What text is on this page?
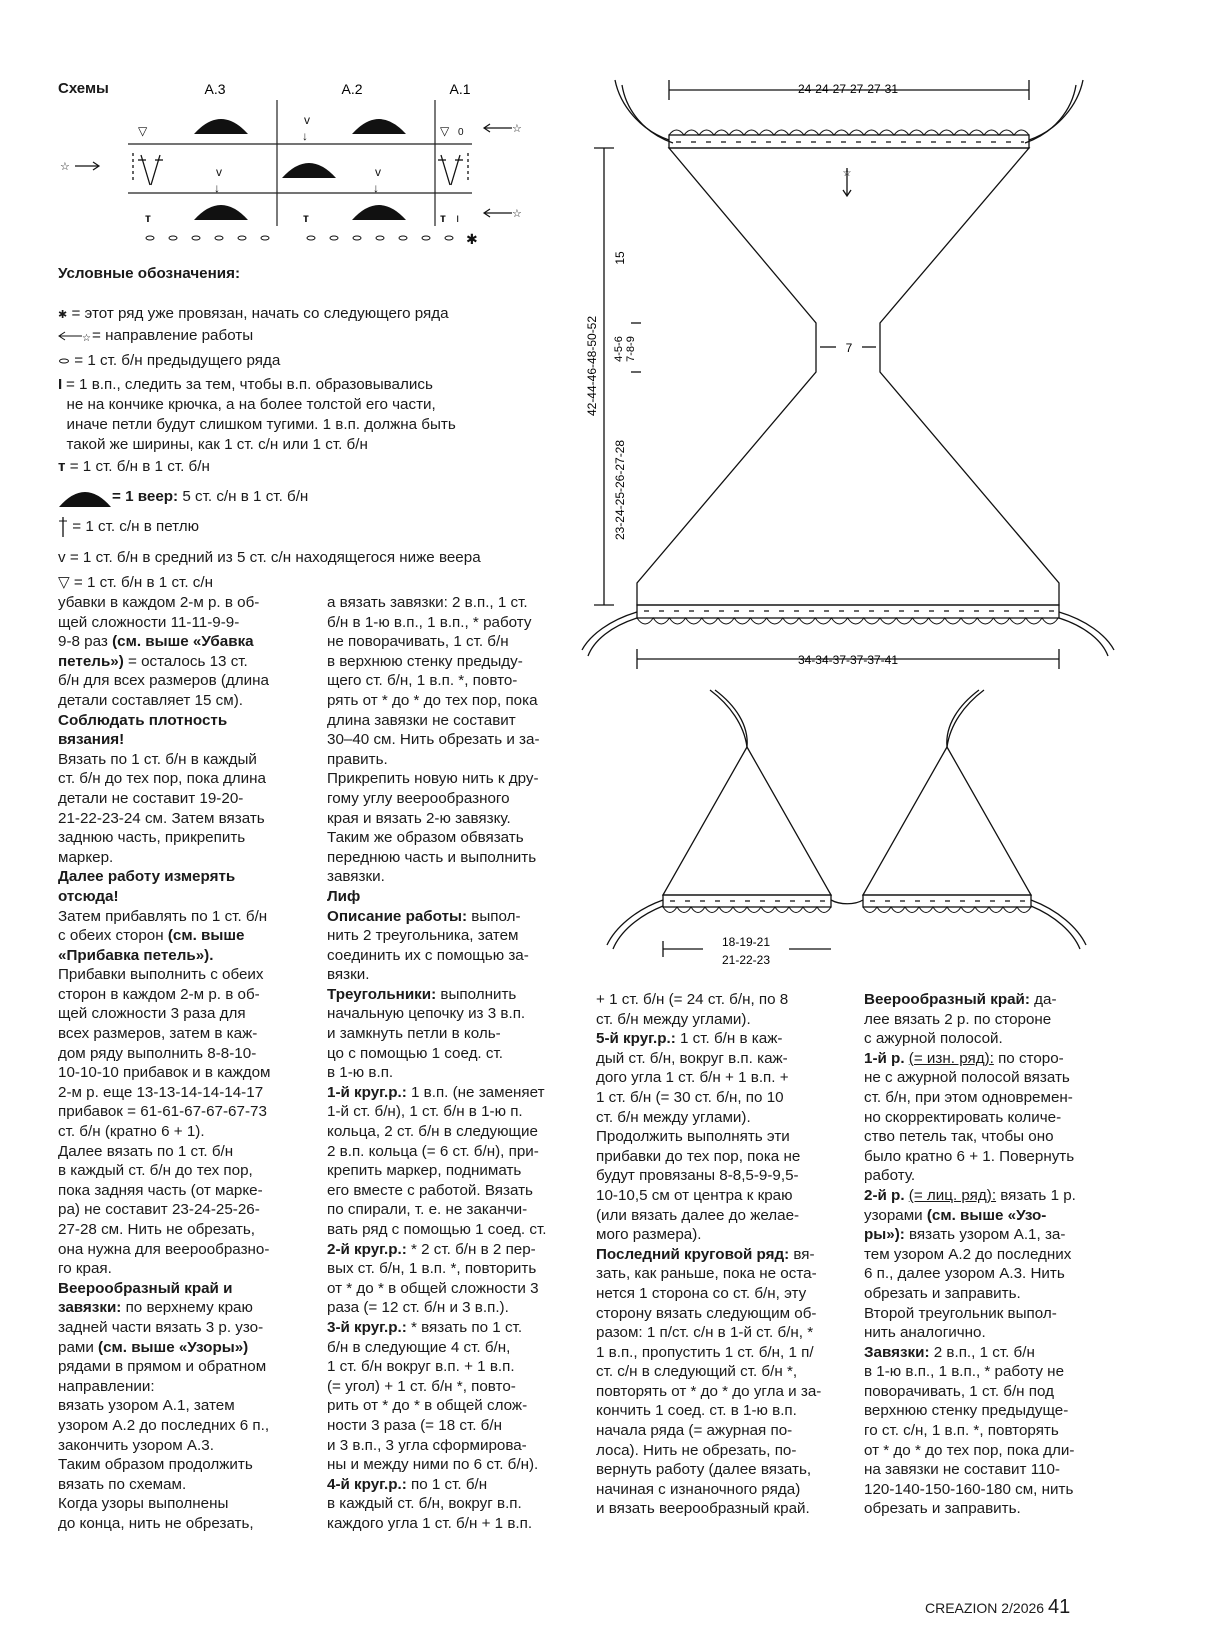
Схемы	A.3	A.2	A.1
▽
v
↓	▽ 0
v
↓
v
↓
т	т	т ı
☆
☆
☆
✱
Условные обозначения:

✱ = этот ряд уже провязан, начать со следующего ряда

☆ = направление работы

= 1 ст. б/н предыдущего ряда

I = 1 в.п., следить за тем, чтобы в.п. образовывались
не на кончике крючка, а на более толстой его части,
иначе петли будут слишком тугими. 1 в.п. должна быть
такой же ширины, как 1 ст. с/н или 1 ст. б/н

т = 1 ст. б/н в 1 ст. б/н

= 1 веер: 5 ст. с/н в 1 ст. б/н

= 1 ст. с/н в петлю

v = 1 ст. б/н в средний из 5 ст. с/н находящегося ниже веера

▽ = 1 ст. б/н в 1 ст. с/н

☆
24-24-27-27-27-31
34-34-37-37-37-41
7
42-44-46-48-50-52
15
4-5-6 7-8-9
23-24-25-26-27-28
18-19-21
21-22-23

убавки в каждом 2-м р. в об-
щей сложности 11-11-9-9-
9-8 раз (см. выше «Убавка
петель») = осталось 13 ст.
б/н для всех размеров (длина
детали составляет 15 см).
Соблюдать плотность
вязания!
Вязать по 1 ст. б/н в каждый
ст. б/н до тех пор, пока длина
детали не составит 19-20-
21-22-23-24 см. Затем вязать
заднюю часть, прикрепить
маркер.
Далее работу измерять
отсюда!
Затем прибавлять по 1 ст. б/н
с обеих сторон (см. выше
«Прибавка петель»).
Прибавки выполнить с обеих
сторон в каждом 2-м р. в об-
щей сложности 3 раза для
всех размеров, затем в каж-
дом ряду выполнить 8-8-10-
10-10-10 прибавок и в каждом
2-м р. еще 13-13-14-14-14-17
прибавок = 61-61-67-67-67-73
ст. б/н (кратно 6 + 1).
Далее вязать по 1 ст. б/н
в каждый ст. б/н до тех пор,
пока задняя часть (от марке-
ра) не составит 23-24-25-26-
27-28 см. Нить не обрезать,
она нужна для веерообразно-
го края.
Веерообразный край и
завязки: по верхнему краю
задней части вязать 3 р. узо-
рами (см. выше «Узоры»)
рядами в прямом и обратном
направлении:
вязать узором А.1, затем
узором А.2 до последних 6 п.,
закончить узором А.3.
Таким образом продолжить
вязать по схемам.
Когда узоры выполнены
до конца, нить не обрезать,

а вязать завязки: 2 в.п., 1 ст.
б/н в 1-ю в.п., 1 в.п., * работу
не поворачивать, 1 ст. б/н
в верхнюю стенку предыду-
щего ст. б/н, 1 в.п. *, повто-
рять от * до * до тех пор, пока
длина завязки не составит
30–40 см. Нить обрезать и за-
править.
Прикрепить новую нить к дру-
гому углу веерообразного
края и вязать 2-ю завязку.
Таким же образом обвязать
переднюю часть и выполнить
завязки.
Лиф
Описание работы: выпол-
нить 2 треугольника, затем
соединить их с помощью за-
вязки.
Треугольники: выполнить
начальную цепочку из 3 в.п.
и замкнуть петли в коль-
цо с помощью 1 соед. ст.
в 1-ю в.п.
1-й круг.р.: 1 в.п. (не заменяет
1-й ст. б/н), 1 ст. б/н в 1-ю п.
кольца, 2 ст. б/н в следующие
2 в.п. кольца (= 6 ст. б/н), при-
крепить маркер, поднимать
его вместе с работой. Вязать
по спирали, т. е. не заканчи-
вать ряд с помощью 1 соед. ст.
2-й круг.р.: * 2 ст. б/н в 2 пер-
вых ст. б/н, 1 в.п. *, повторить
от * до * в общей сложности 3
раза (= 12 ст. б/н и 3 в.п.).
3-й круг.р.: * вязать по 1 ст.
б/н в следующие 4 ст. б/н,
1 ст. б/н вокруг в.п. + 1 в.п.
(= угол) + 1 ст. б/н *, повто-
рить от * до * в общей слож-
ности 3 раза (= 18 ст. б/н
и 3 в.п., 3 угла сформирова-
ны и между ними по 6 ст. б/н).
4-й круг.р.: по 1 ст. б/н
в каждый ст. б/н, вокруг в.п.
каждого угла 1 ст. б/н + 1 в.п.

+ 1 ст. б/н (= 24 ст. б/н, по 8
ст. б/н между углами).
5-й круг.р.: 1 ст. б/н в каж-
дый ст. б/н, вокруг в.п. каж-
дого угла 1 ст. б/н + 1 в.п. +
1 ст. б/н (= 30 ст. б/н, по 10
ст. б/н между углами).
Продолжить выполнять эти
прибавки до тех пор, пока не
будут провязаны 8-8,5-9-9,5-
10-10,5 см от центра к краю
(или вязать далее до желае-
мого размера).
Последний круговой ряд: вя-
зать, как раньше, пока не оста-
нется 1 сторона со ст. б/н, эту
сторону вязать следующим об-
разом: 1 п/ст. с/н в 1-й ст. б/н, *
1 в.п., пропустить 1 ст. б/н, 1 п/
ст. с/н в следующий ст. б/н *,
повторять от * до * до угла и за-
кончить 1 соед. ст. в 1-ю в.п.
начала ряда (= ажурная по-
лоса). Нить не обрезать, по-
вернуть работу (далее вязать,
начиная с изнаночного ряда)
и вязать веерообразный край.

Веерообразный край: да-
лее вязать 2 р. по стороне
с ажурной полосой.
1-й р. (= изн. ряд): по сторо-
не с ажурной полосой вязать
ст. б/н, при этом одновремен-
но скорректировать количе-
ство петель так, чтобы оно
было кратно 6 + 1. Повернуть
работу.
2-й р. (= лиц. ряд): вязать 1 р.
узорами (см. выше «Узо-
ры»): вязать узором А.1, за-
тем узором А.2 до последних
6 п., далее узором А.3. Нить
обрезать и заправить.
Второй треугольник выпол-
нить аналогично.
Завязки: 2 в.п., 1 ст. б/н
в 1-ю в.п., 1 в.п., * работу не
поворачивать, 1 ст. б/н под
верхнюю стенку предыдуще-
го ст. с/н, 1 в.п. *, повторять
от * до * до тех пор, пока дли-
на завязки не составит 110-
120-140-150-160-180 см, нить
обрезать и заправить.

CREAZION 2/2026 41
